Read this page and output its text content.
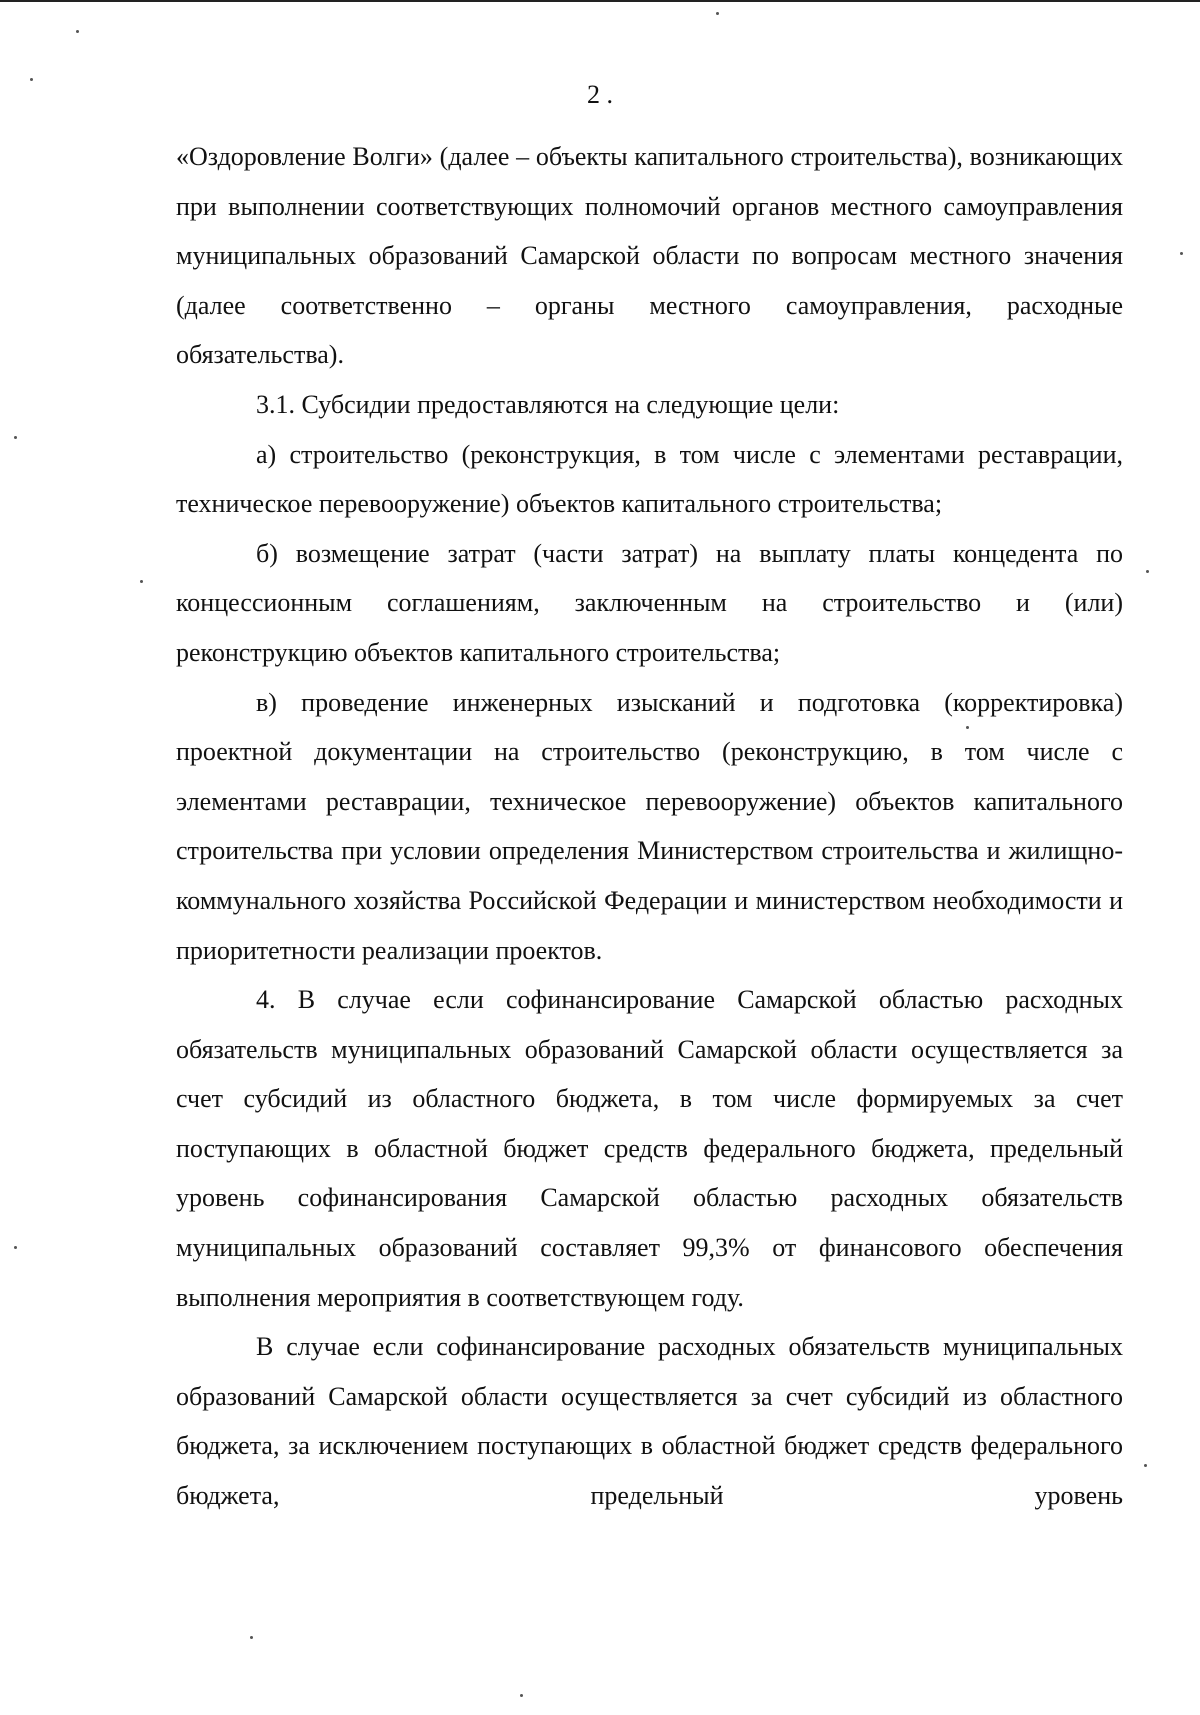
2 .

«Оздоровление Волги» (далее – объекты капитального строительства), возникающих при выполнении соответствующих полномочий органов местного самоуправления муниципальных образований Самарской области по вопросам местного значения (далее соответственно – органы местного самоуправления, расходные обязательства).

3.1. Субсидии предоставляются на следующие цели:

а) строительство (реконструкция, в том числе с элементами реставрации, техническое перевооружение) объектов капитального строительства;

б) возмещение затрат (части затрат) на выплату платы концедента по концессионным соглашениям, заключенным на строительство и (или) реконструкцию объектов капитального строительства;

в) проведение инженерных изысканий и подготовка (корректировка) проектной документации на строительство (реконструкцию, в том числе с элементами реставрации, техническое перевооружение) объектов капитального строительства при условии определения Министерством строительства и жилищно-коммунального хозяйства Российской Федерации и министерством необходимости и приоритетности реализации проектов.

4. В случае если софинансирование Самарской областью расходных обязательств муниципальных образований Самарской области осуществляется за счет субсидий из областного бюджета, в том числе формируемых за счет поступающих в областной бюджет средств федерального бюджета, предельный уровень софинансирования Самарской областью расходных обязательств муниципальных образований составляет 99,3% от финансового обеспечения выполнения мероприятия в соответствующем году.

В случае если софинансирование расходных обязательств муниципальных образований Самарской области осуществляется за счет субсидий из областного бюджета, за исключением поступающих в областной бюджет средств федерального бюджета, предельный уровень
